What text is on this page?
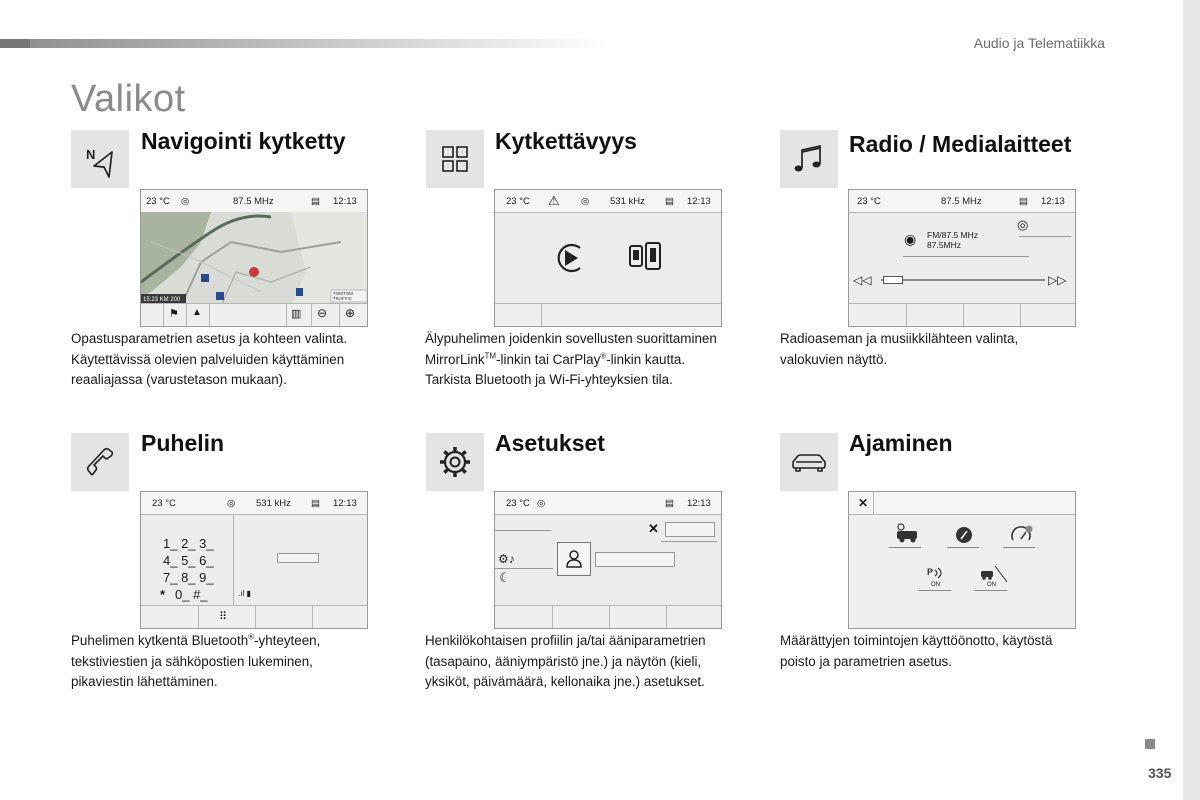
Audio ja Telematiikka
Valikot
N
Navigointi kytketty
23 °C ◎	87.5 MHz	▤ 12:13
15:23 KM 200
TOMTOM TRAFFIC
⚑ ▲	▥ ⊖ ⊕
Opastusparametrien asetus ja kohteen valinta.
Käytettävissä olevien palveluiden käyttäminen
reaaliajassa (varustetason mukaan).
Kytkettävyys
23 °C ⚠ ◎ 531 kHz ▤ 12:13
Älypuhelimen joidenkin sovellusten suorittaminen
MirrorLink™-linkin tai CarPlay®-linkin kautta.
Tarkista Bluetooth ja Wi-Fi-yhteyksien tila.
Radio / Medialaitteet
23 °C	87.5 MHz	▤ 12:13
◉ FM/87.5 MHz
87.5MHz
◎
◁◁	▷▷
Radioaseman ja musiikkilähteen valinta,
valokuvien näyttö.
Puhelin
23 °C	◎ 531 kHz ▤ 12:13
1_ 2_ 3_
4_ 5_ 6_
7_ 8_ 9_
* 0_ #_	.ıl ▮
⠿
Puhelimen kytkentä Bluetooth®-yhteyteen,
tekstiviestien ja sähköpostien lukeminen,
pikaviestin lähettäminen.
Asetukset
23 °C ◎	▤ 12:13
⚙♪
☾
✕
Henkilökohtaisen profiilin ja/tai ääniparametrien
(tasapaino, ääniympäristö jne.) ja näytön (kieli,
yksiköt, päivämäärä, kellonaika jne.) asetukset.
Ajaminen
✕
P
ON	ON
Määrättyjen toimintojen käyttöönotto, käytöstä
poisto ja parametrien asetus.
335
